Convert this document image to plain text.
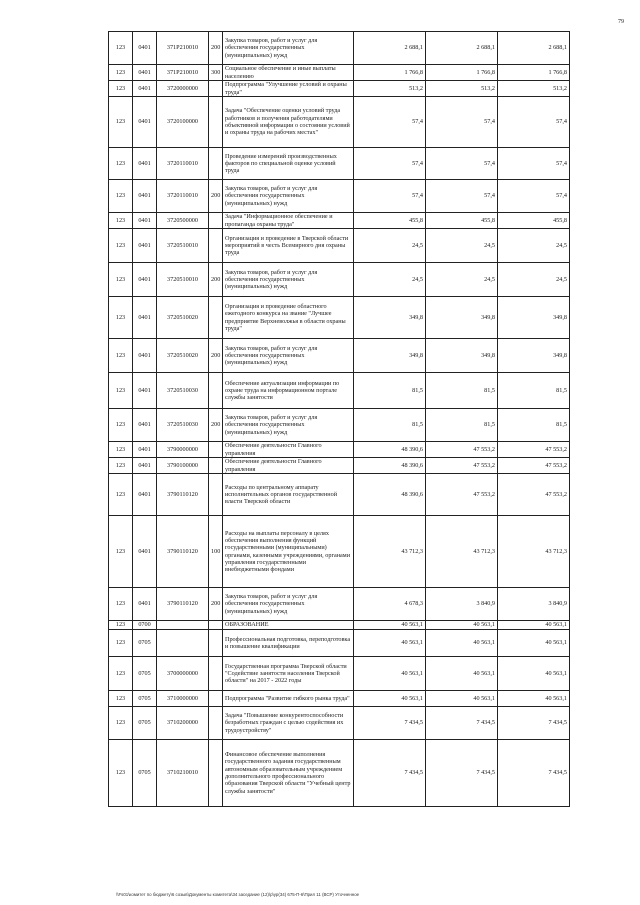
79
123	0401	371Р210010	200	Закупка товаров, работ и услуг для обеспечения государственных (муниципальных) нужд	2 688,1	2 688,1	2 688,1
123	0401	371Р210010	300	Социальное обеспечение и иные выплаты населению	1 766,8	1 766,8	1 766,8
123	0401	3720000000		Подпрограмма "Улучшение условий и охраны труда"	513,2	513,2	513,2
123	0401	3720100000		Задача "Обеспечение оценки условий труда работников и получения работодателями объективной информации о состоянии условий и охраны труда на рабочих местах"	57,4	57,4	57,4
123	0401	3720110010		Проведение измерений производственных факторов по специальной оценке условий труда	57,4	57,4	57,4
123	0401	3720110010	200	Закупка товаров, работ и услуг для обеспечения государственных (муниципальных) нужд	57,4	57,4	57,4
123	0401	3720500000		Задача "Информационное обеспечение и пропаганда охраны труда"	455,8	455,8	455,8
123	0401	3720510010		Организация и проведение в Тверской области мероприятий в честь Всемирного дня охраны труда	24,5	24,5	24,5
123	0401	3720510010	200	Закупка товаров, работ и услуг для обеспечения государственных (муниципальных) нужд	24,5	24,5	24,5
123	0401	3720510020		Организация и проведение областного ежегодного конкурса на звание "Лучшее предприятие Верхневолжья в области охраны труда"	349,8	349,8	349,8
123	0401	3720510020	200	Закупка товаров, работ и услуг для обеспечения государственных (муниципальных) нужд	349,8	349,8	349,8
123	0401	3720510030		Обеспечение актуализации информации по охране труда на информационном портале службы занятости	81,5	81,5	81,5
123	0401	3720510030	200	Закупка товаров, работ и услуг для обеспечения государственных (муниципальных) нужд	81,5	81,5	81,5
123	0401	3790000000		Обеспечение деятельности Главного управления	48 390,6	47 553,2	47 553,2
123	0401	3790100000		Обеспечение деятельности Главного управления	48 390,6	47 553,2	47 553,2
123	0401	3790110120		Расходы по центральному аппарату исполнительных органов государственной власти Тверской области	48 390,6	47 553,2	47 553,2
123	0401	3790110120	100	Расходы на выплаты персоналу в целях обеспечения выполнения функций государственными (муниципальными) органами, казенными учреждениями, органами управления государственными внебюджетными фондами	43 712,3	43 712,3	43 712,3
123	0401	3790110120	200	Закупка товаров, работ и услуг для обеспечения государственных (муниципальных) нужд	4 678,3	3 840,9	3 840,9
123	0700			ОБРАЗОВАНИЕ	40 563,1	40 563,1	40 563,1
123	0705			Профессиональная подготовка, переподготовка и повышение квалификации	40 563,1	40 563,1	40 563,1
123	0705	3700000000		Государственная программа Тверской области "Содействие занятости населения Тверской области" на 2017 - 2022 годы	40 563,1	40 563,1	40 563,1
123	0705	3710000000		Подпрограмма "Развитие гибкого рынка труда"	40 563,1	40 563,1	40 563,1
123	0705	3710200000		Задача "Повышение конкурентоспособности безработных граждан с целью содействия их трудоустройству"	7 434,5	7 434,5	7 434,5
123	0705	3710210010		Финансовое обеспечение выполнения государственного задания государственным автономным образовательным учреждением дополнительного профессионального образования Тверской области "Учебный центр службы занятости"	7 434,5	7 434,5	7 434,5
\\Fs01\комитет по бюджету\6 созыв\Документы комитета\34 заседание (12)\р\ур(34) 675-П-6\Прил 11 (ВСР) Уточненное
